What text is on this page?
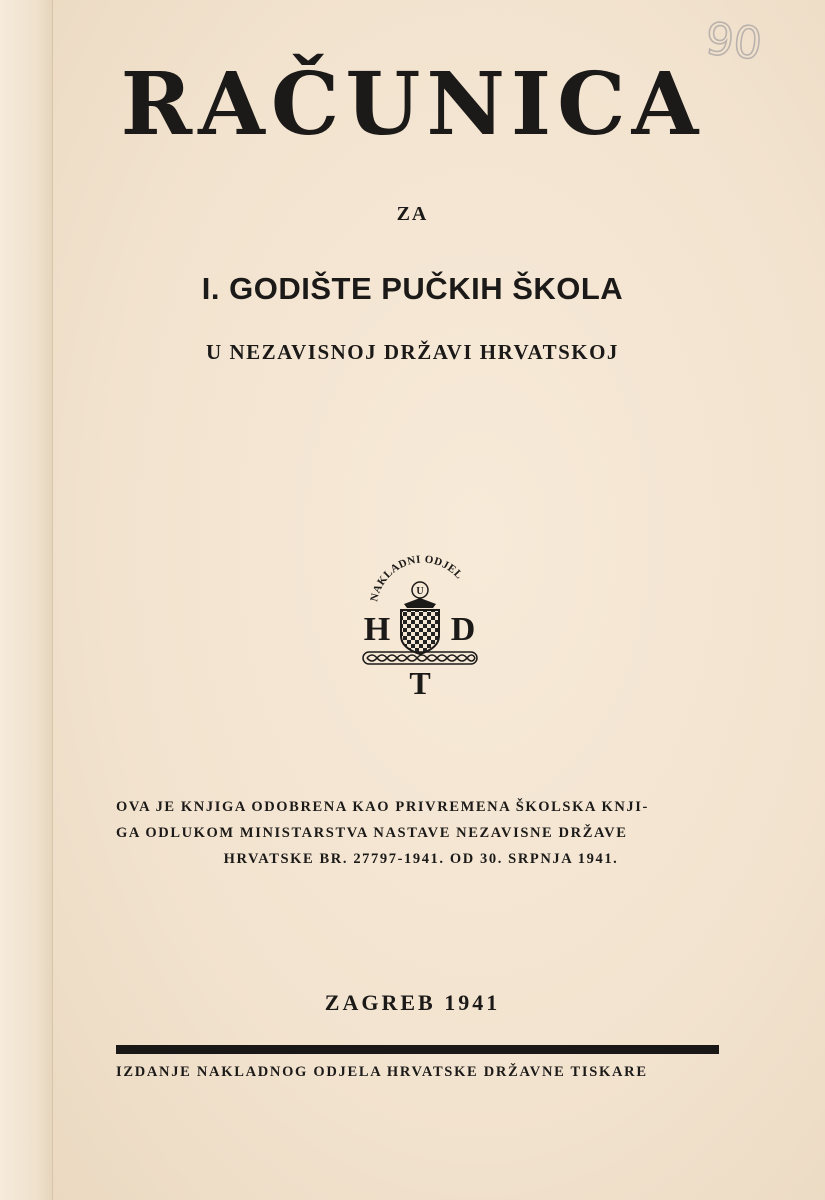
90
RAČUNICA
ZA
I. GODIŠTE PUČKIH ŠKOLA
U NEZAVISNOJ DRŽAVI HRVATSKOJ
NAKLADNI ODJEL
U
H D
T
OVA JE KNJIGA ODOBRENA KAO PRIVREMENA ŠKOLSKA KNJI-
GA ODLUKOM MINISTARSTVA NASTAVE NEZAVISNE DRŽAVE
HRVATSKE BR. 27797-1941. OD 30. SRPNJA 1941.
ZAGREB 1941
IZDANJE NAKLADNOG ODJELA HRVATSKE DRŽAVNE TISKARE
